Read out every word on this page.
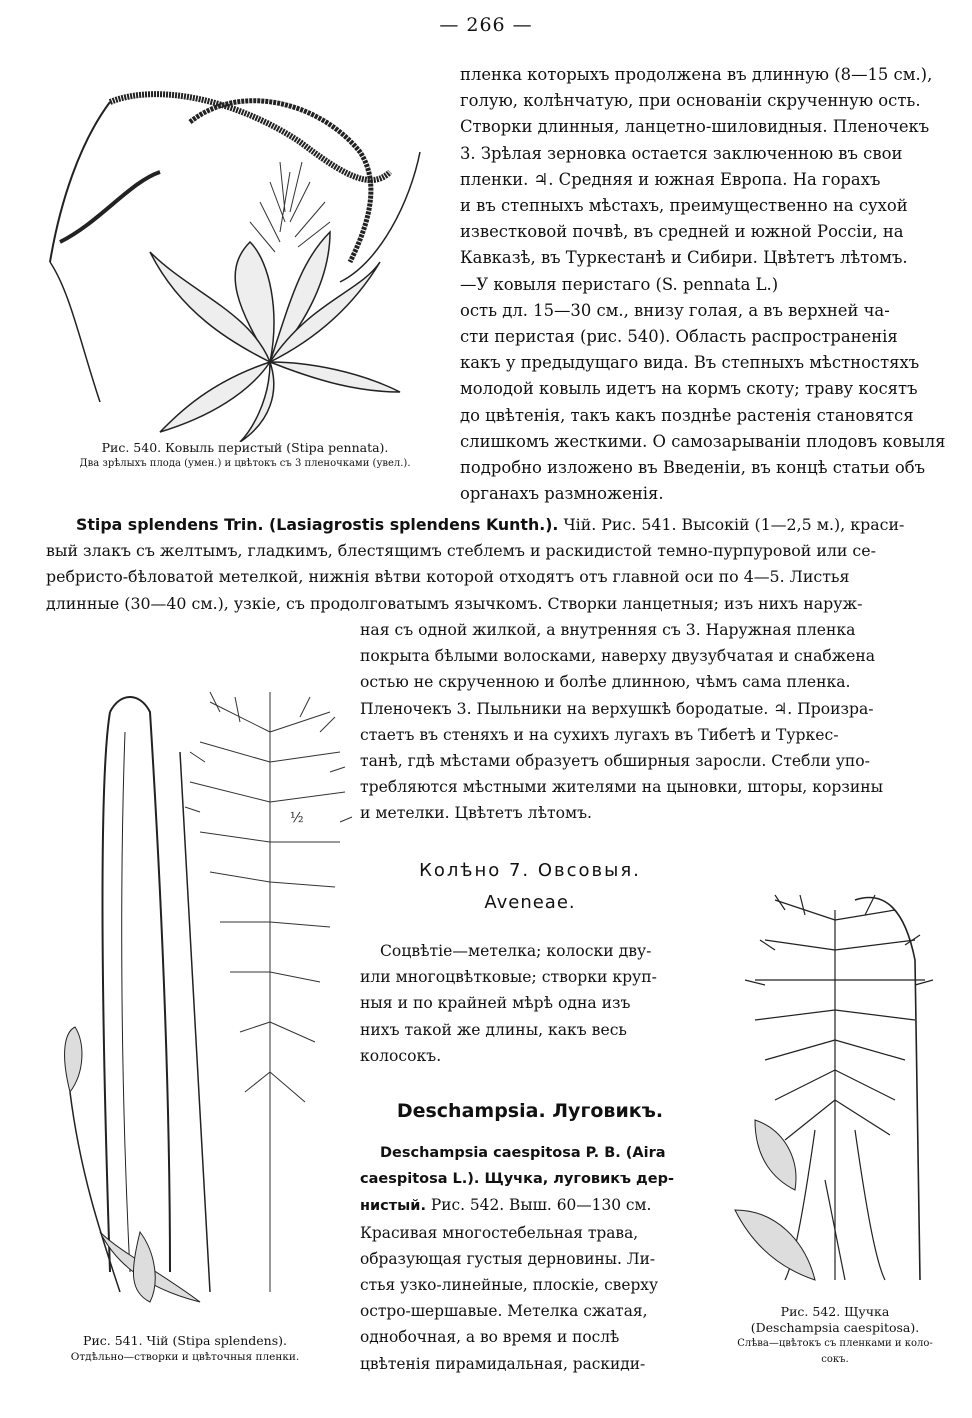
— 266 —
Рис. 540. Ковыль перистый (Stipa pennata).
Два зрѣлыхъ плода (умен.) и цвѣтокъ съ 3 пленочками (увел.).
пленка которыхъ продолжена въ длинную (8—15 см.),
голую, колѣнчатую, при основанiи скрученную ость.
Створки длинныя, ланцетно-шиловидныя. Пленочекъ
3. Зрѣлая зерновка остается заключенною въ свои
пленки. ♃. Средняя и южная Европа. На горахъ
и въ степныхъ мѣстахъ, преимущественно на сухой
известковой почвѣ, въ средней и южной Россiи, на
Кавказѣ, въ Туркестанѣ и Сибири. Цвѣтетъ лѣтомъ.
—У ковыля перистаго (S. pennata L.)
ость дл. 15—30 см., внизу голая, а въ верхней ча-
сти перистая (рис. 540). Область распространенiя
какъ у предыдущаго вида. Въ степныхъ мѣстностяхъ
молодой ковыль идетъ на кормъ скоту; траву косятъ
до цвѣтенiя, такъ какъ позднѣе растенiя становятся
слишкомъ жесткими. О самозарыванiи плодовъ ковыля
подробно изложено въ Введенiи, въ концѣ статьи объ
органахъ размноженiя.
Stipa splendens Trin. (Lasiagrostis splendens Kunth.). Чiй. Рис. 541. Высокiй (1—2,5 м.), краси-
вый злакъ съ желтымъ, гладкимъ, блестящимъ стеблемъ и раскидистой темно-пурпуровой или се-
ребристо-бѣловатой метелкой, нижнiя вѣтви которой отходятъ отъ главной оси по 4—5. Листья
длинные (30—40 см.), узкiе, съ продолговатымъ язычкомъ. Створки ланцетныя; изъ нихъ наруж-
ная съ одной жилкой, а внутренняя съ 3. Наружная пленка
покрыта бѣлыми волосками, наверху двузубчатая и снабжена
остью не скрученною и болѣе длинною, чѣмъ сама пленка.
Пленочекъ 3. Пыльники на верхушкѣ бородатые. ♃. Произра-
стаетъ въ стеняхъ и на сухихъ лугахъ въ Тибетѣ и Туркес-
танѣ, гдѣ мѣстами образуетъ обширныя заросли. Стебли упо-
требляются мѣстными жителями на цыновки, шторы, корзины
и метелки. Цвѣтетъ лѣтомъ.
½
Рис. 541. Чiй (Stipa splendens).
Отдѣльно—створки и цвѣточныя пленки.
Колѣно 7. Овсовыя.
Aveneae.
Соцвѣтiе—метелка; колоски дву-
или многоцвѣтковые; створки круп-
ныя и по крайней мѣрѣ одна изъ
нихъ такой же длины, какъ весь
колосокъ.
Deschampsia. Луговикъ.
Deschampsia caespitosa P. B. (Aira
caespitosa L.). Щучка, луговикъ дер-
нистый. Рис. 542. Выш. 60—130 см.
Красивая многостебельная трава,
образующая густыя дерновины. Ли-
стья узко-линейные, плоскiе, сверху
остро-шершавые. Метелка сжатая,
однобочная, а во время и послѣ
цвѣтенiя пирамидальная, раскиди-
Рис. 542. Щучка
(Deschampsia caespitosa).
Слѣва—цвѣтокъ съ пленками и коло-
сокъ.
